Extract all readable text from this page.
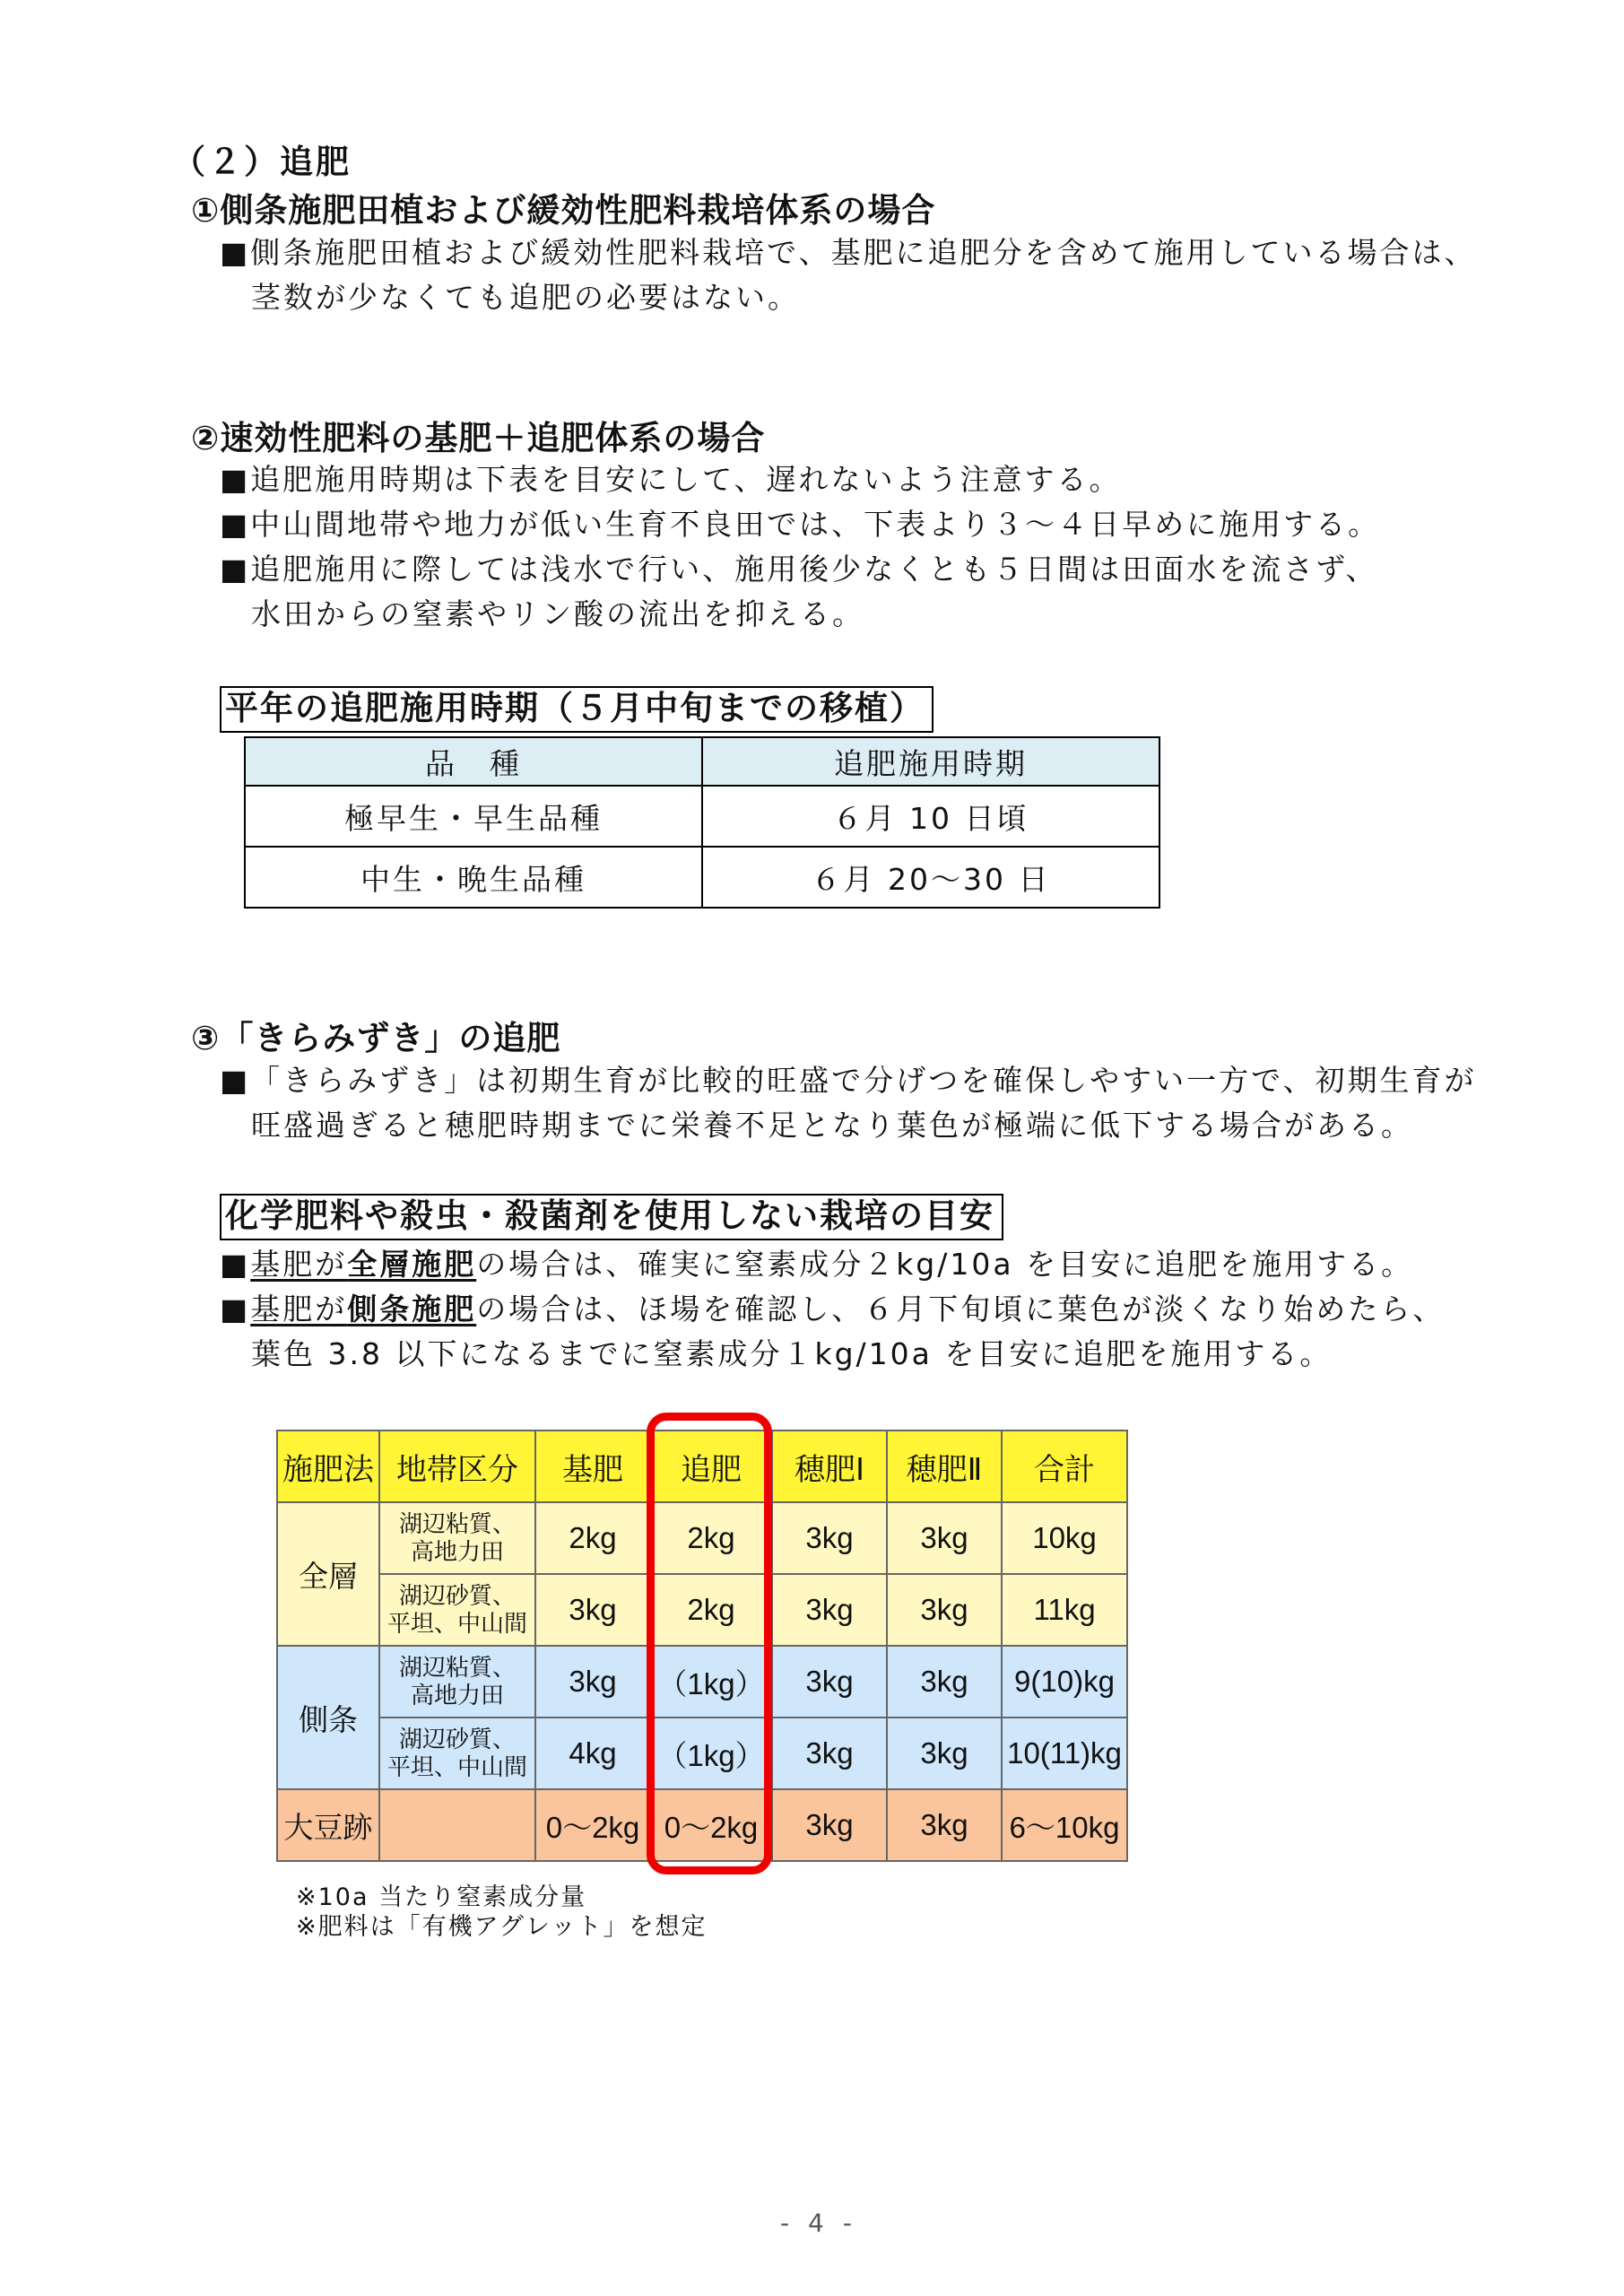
（２）追肥
①側条施肥田植および緩効性肥料栽培体系の場合
■側条施肥田植および緩効性肥料栽培で、基肥に追肥分を含めて施用している場合は、
茎数が少なくても追肥の必要はない。
②速効性肥料の基肥＋追肥体系の場合
■追肥施用時期は下表を目安にして、遅れないよう注意する。
■中山間地帯や地力が低い生育不良田では、下表より３～４日早めに施用する。
■追肥施用に際しては浅水で行い、施用後少なくとも５日間は田面水を流さず、
水田からの窒素やリン酸の流出を抑える。
平年の追肥施用時期（５月中旬までの移植）
品　種	追肥施用時期
極早生・早生品種	６月 10 日頃
中生・晩生品種	６月 20～30 日
③「きらみずき」の追肥
■「きらみずき」は初期生育が比較的旺盛で分げつを確保しやすい一方で、初期生育が
旺盛過ぎると穂肥時期までに栄養不足となり葉色が極端に低下する場合がある。
化学肥料や殺虫・殺菌剤を使用しない栽培の目安
■基肥が全層施肥の場合は、確実に窒素成分２kg/10a を目安に追肥を施用する。
■基肥が側条施肥の場合は、ほ場を確認し、６月下旬頃に葉色が淡くなり始めたら、
葉色 3.8 以下になるまでに窒素成分１kg/10a を目安に追肥を施用する。
施肥法	地帯区分	基肥	追肥	穂肥Ⅰ	穂肥Ⅱ	合計
全層	湖辺粘質、
高地力田	2kg	2kg	3kg	3kg	10kg
	湖辺砂質、
平坦、中山間	3kg	2kg	3kg	3kg	11kg
側条	湖辺粘質、
高地力田	3kg	（1kg）	3kg	3kg	9(10)kg
	湖辺砂質、
平坦、中山間	4kg	（1kg）	3kg	3kg	10(11)kg
大豆跡		0～2kg	0～2kg	3kg	3kg	6～10kg
※10a 当たり窒素成分量
※肥料は「有機アグレット」を想定
- 4 -
